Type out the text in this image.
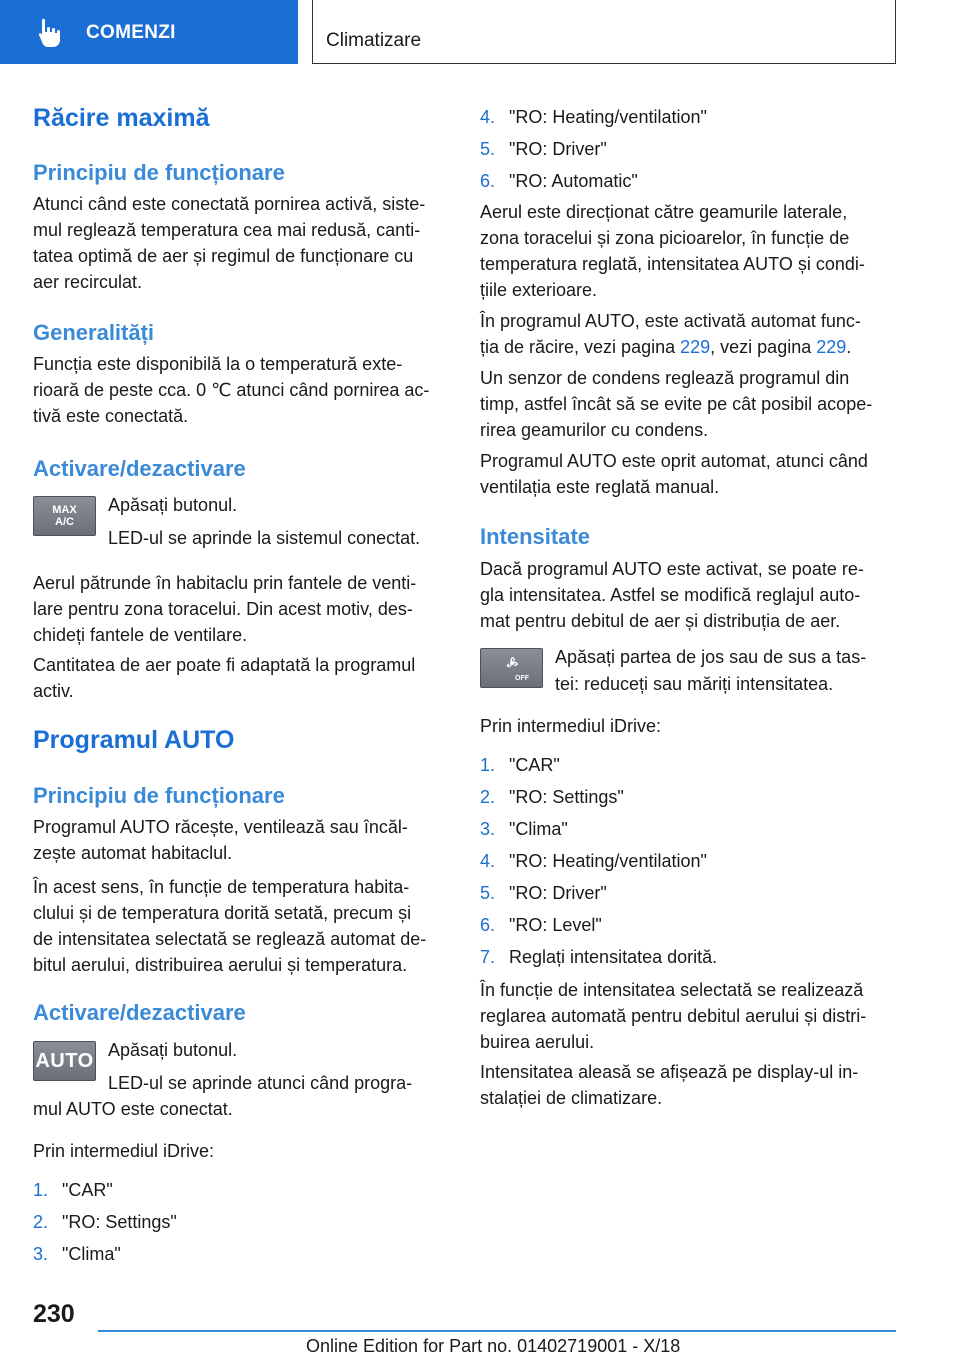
COMENZI	Climatizare
Răcire maximă
Principiu de funcționare
Atunci când este conectată pornirea activă, siste‐
mul reglează temperatura cea mai redusă, canti‐
tatea optimă de aer și regimul de funcționare cu
aer recirculat.
Generalități
Funcția este disponibilă la o temperatură exte‐
rioară de peste cca. 0 ℃ atunci când pornirea ac‐
tivă este conectată.
Activare/dezactivare
MAX
A/C
Apăsați butonul.
LED-ul se aprinde la sistemul conectat.
Aerul pătrunde în habitaclu prin fantele de venti‐
lare pentru zona toracelui. Din acest motiv, des‐
chideți fantele de ventilare.
Cantitatea de aer poate fi adaptată la programul
activ.
Programul AUTO
Principiu de funcționare
Programul AUTO răcește, ventilează sau încăl‐
zește automat habitaclul.
În acest sens, în funcție de temperatura habita‐
clului și de temperatura dorită setată, precum și
de intensitatea selectată se reglează automat de‐
bitul aerului, distribuirea aerului și temperatura.
Activare/dezactivare
AUTO Apăsați butonul.
LED-ul se aprinde atunci când progra‐
mul AUTO este conectat.
Prin intermediul iDrive:
1. "CAR"
2. "RO: Settings"
3. "Clima"
4. "RO: Heating/ventilation"
5. "RO: Driver"
6. "RO: Automatic"
Aerul este direcționat către geamurile laterale,
zona toracelui și zona picioarelor, în funcție de
temperatura reglată, intensitatea AUTO și condi‐
țiile exterioare.
În programul AUTO, este activată automat func‐
ția de răcire, vezi pagina 229, vezi pagina 229.
Un senzor de condens reglează programul din
timp, astfel încât să se evite pe cât posibil acope‐
rirea geamurilor cu condens.
Programul AUTO este oprit automat, atunci când
ventilația este reglată manual.
Intensitate
Dacă programul AUTO este activat, se poate re‐
gla intensitatea. Astfel se modifică reglajul auto‐
mat pentru debitul de aer și distribuția de aer.
OFF
Apăsați partea de jos sau de sus a tas‐
tei: reduceți sau măriți intensitatea.
Prin intermediul iDrive:
1. "CAR"
2. "RO: Settings"
3. "Clima"
4. "RO: Heating/ventilation"
5. "RO: Driver"
6. "RO: Level"
7. Reglați intensitatea dorită.
În funcție de intensitatea selectată se realizează
reglarea automată pentru debitul aerului și distri‐
buirea aerului.
Intensitatea aleasă se afișează pe display-ul in‐
stalației de climatizare.
230
Online Edition for Part no. 01402719001 - X/18
